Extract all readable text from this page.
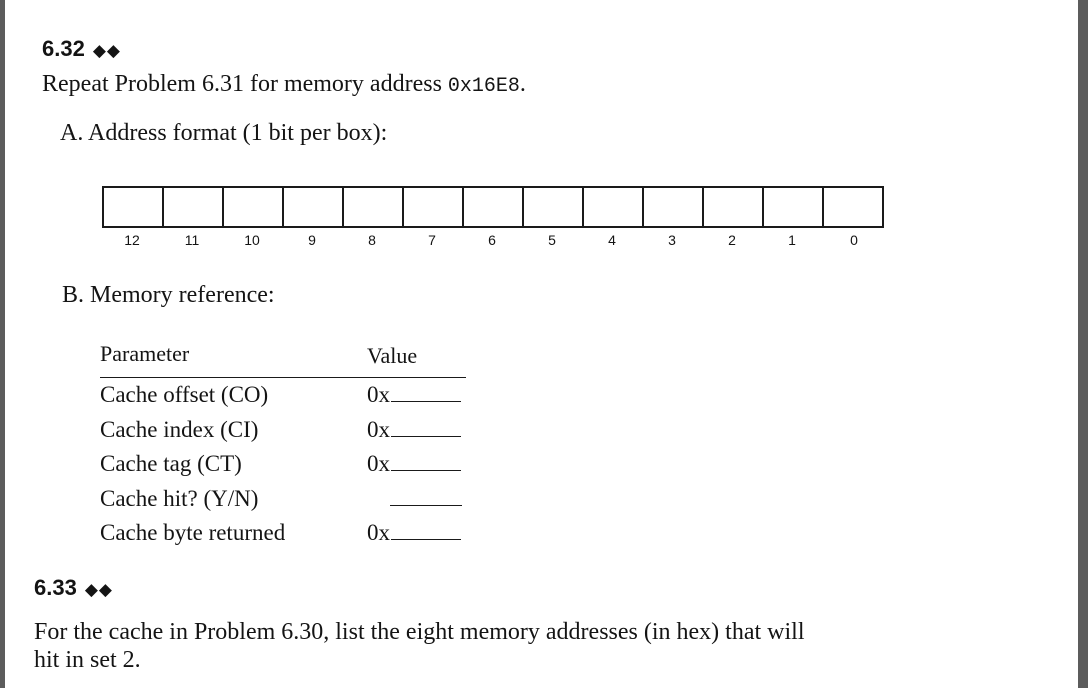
6.32 ◆◆
Repeat Problem 6.31 for memory address 0x16E8.
A. Address format (1 bit per box):
12	11	10	9	8	7	6	5	4	3	2	1	0
B. Memory reference:
Parameter	Value
Cache offset (CO)	0x
Cache index (CI)	0x
Cache tag (CT)	0x
Cache hit? (Y/N)
Cache byte returned	0x
6.33 ◆◆
For the cache in Problem 6.30, list the eight memory addresses (in hex) that will
hit in set 2.
